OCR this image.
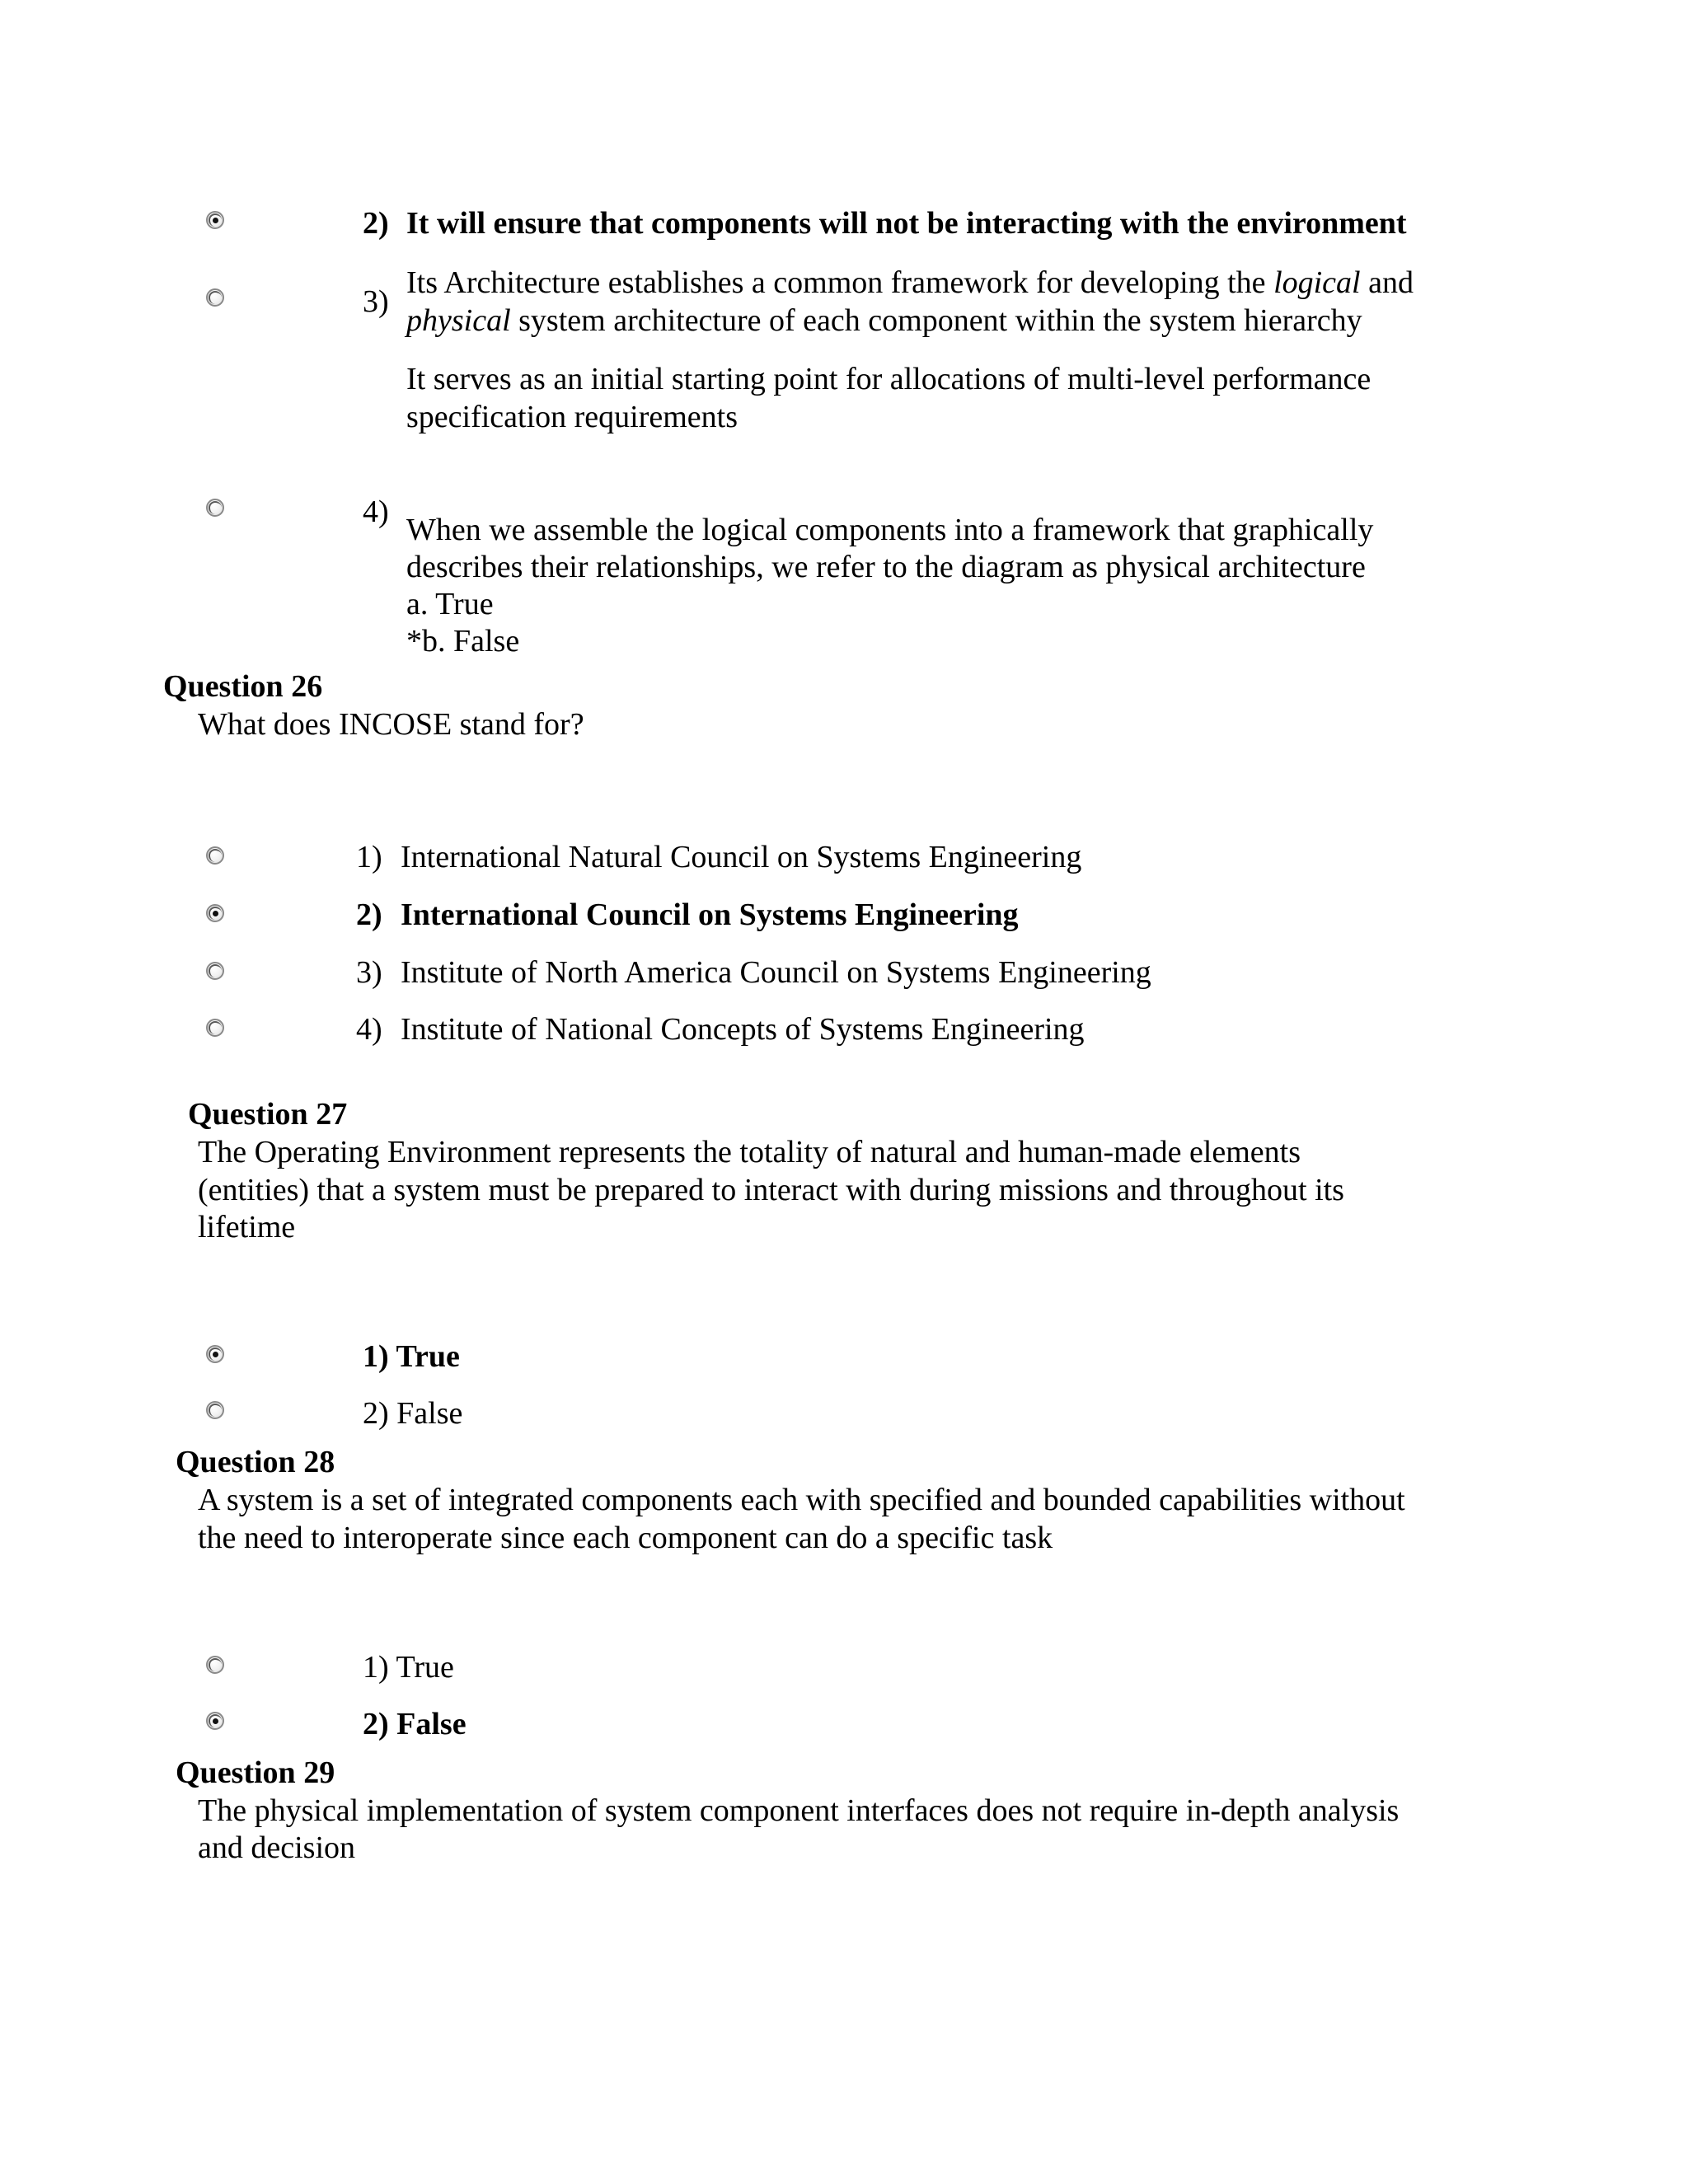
2) It will ensure that components will not be interacting with the environment
3)
Its Architecture establishes a common framework for developing the logical and
physical system architecture of each component within the system hierarchy
It serves as an initial starting point for allocations of multi-level performance
specification requirements
4)
When we assemble the logical components into a framework that graphically
describes their relationships, we refer to the diagram as physical architecture
a. True
*b. False
Question 26
What does INCOSE stand for?
1) International Natural Council on Systems Engineering
2) International Council on Systems Engineering
3) Institute of North America Council on Systems Engineering
4) Institute of National Concepts of Systems Engineering
Question 27
The Operating Environment represents the totality of natural and human-made elements
(entities) that a system must be prepared to interact with during missions and throughout its
lifetime
1) True
2) False
Question 28
A system is a set of integrated components each with specified and bounded capabilities without
the need to interoperate since each component can do a specific task
1) True
2) False
Question 29
The physical implementation of system component interfaces does not require in-depth analysis
and decision
